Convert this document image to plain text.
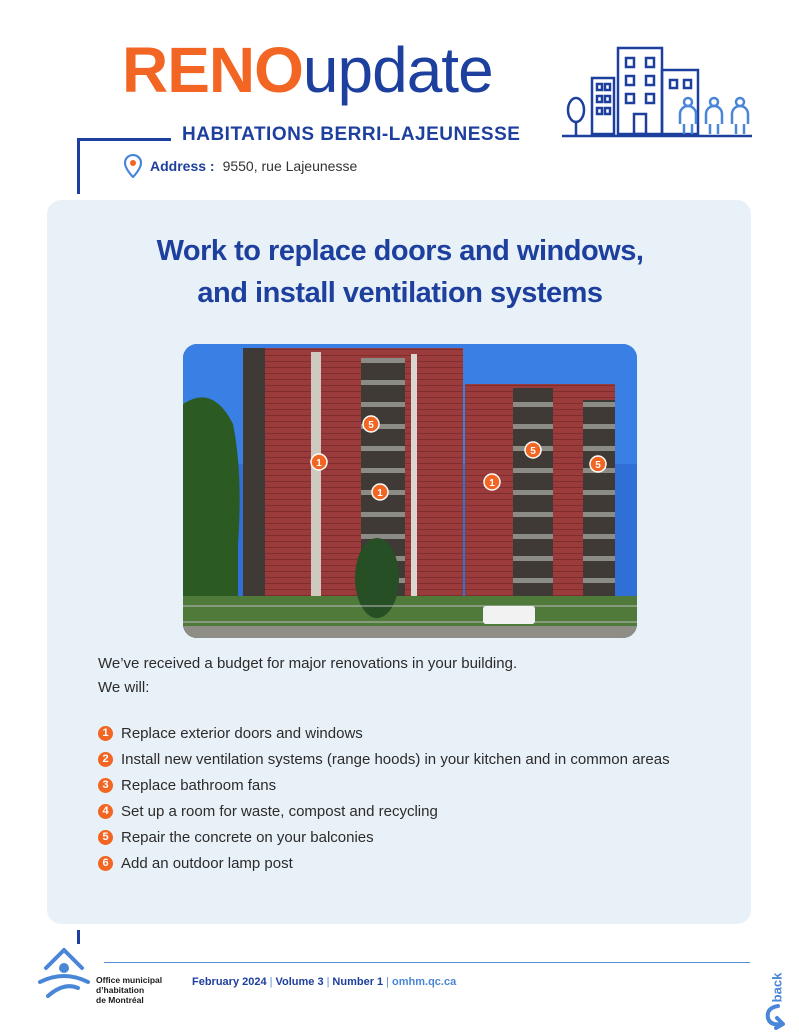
RENOupdate
HABITATIONS BERRI-LAJEUNESSE
Address : 9550, rue Lajeunesse
Work to replace doors and windows,
and install ventilation systems
1
1
1
5
5
5
We’ve received a budget for major renovations in your building.
We will:
1 Replace exterior doors and windows
2 Install new ventilation systems (range hoods) in your kitchen and in common areas
3 Replace bathroom fans
4 Set up a room for waste, compost and recycling
5 Repair the concrete on your balconies
6 Add an outdoor lamp post
Office municipal
d’habitation
de Montréal
February 2024 | Volume 3 | Number 1 | omhm.qc.ca	back
